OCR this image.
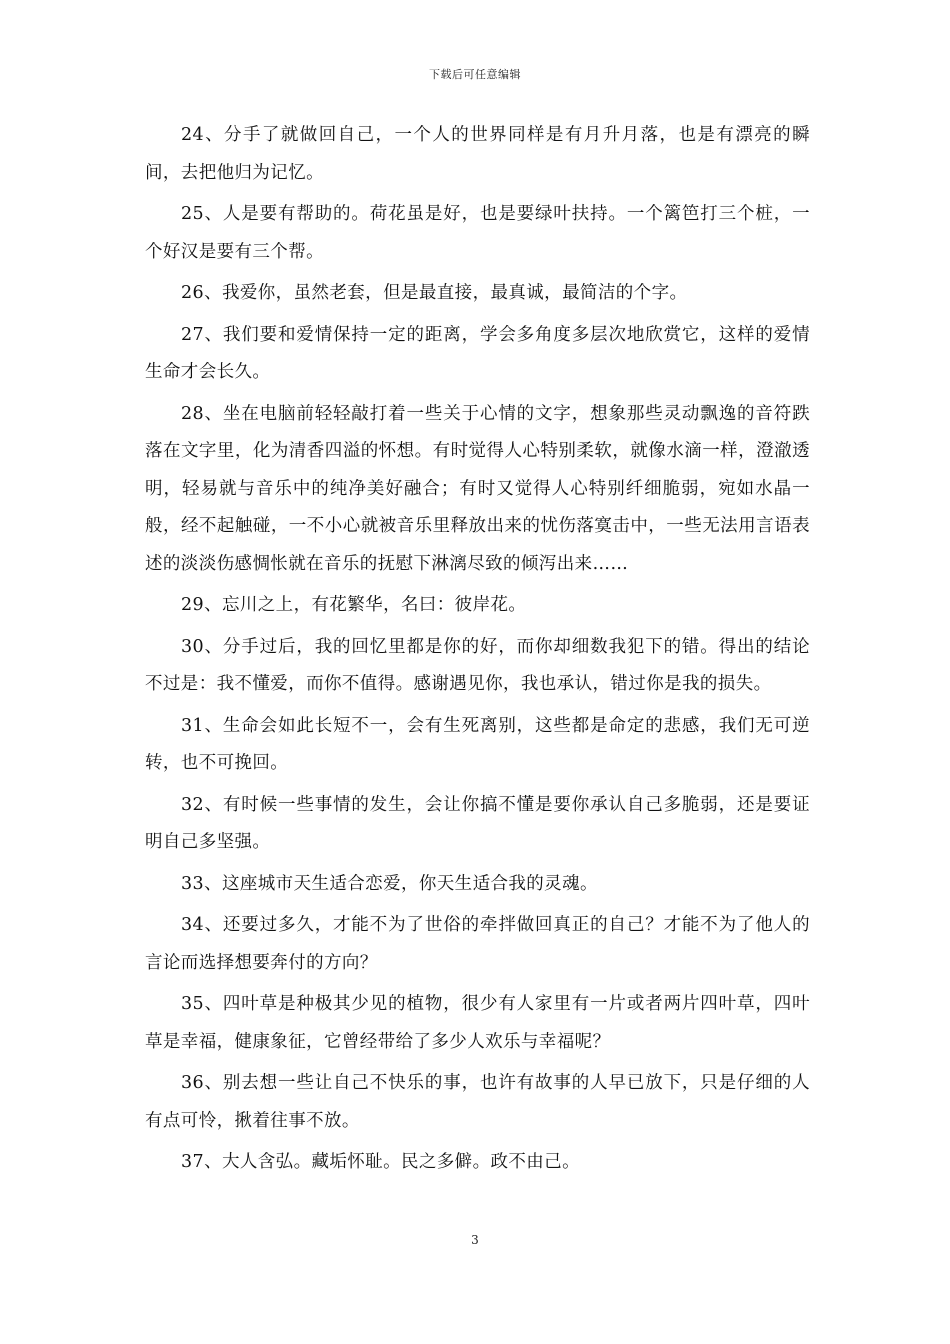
下载后可任意编辑

24、分手了就做回自己，一个人的世界同样是有月升月落，也是有漂亮的瞬间，去把他归为记忆。

25、人是要有帮助的。荷花虽是好，也是要绿叶扶持。一个篱笆打三个桩，一个好汉是要有三个帮。

26、我爱你，虽然老套，但是最直接，最真诚，最简洁的个字。

27、我们要和爱情保持一定的距离，学会多角度多层次地欣赏它，这样的爱情生命才会长久。

28、坐在电脑前轻轻敲打着一些关于心情的文字，想象那些灵动飘逸的音符跌落在文字里，化为清香四溢的怀想。有时觉得人心特别柔软，就像水滴一样，澄澈透明，轻易就与音乐中的纯净美好融合；有时又觉得人心特别纤细脆弱，宛如水晶一般，经不起触碰，一不小心就被音乐里释放出来的忧伤落寞击中，一些无法用言语表述的淡淡伤感惆怅就在音乐的抚慰下淋漓尽致的倾泻出来……

29、忘川之上，有花繁华，名曰：彼岸花。

30、分手过后，我的回忆里都是你的好，而你却细数我犯下的错。得出的结论不过是：我不懂爱，而你不值得。感谢遇见你，我也承认，错过你是我的损失。

31、生命会如此长短不一，会有生死离别，这些都是命定的悲感，我们无可逆转，也不可挽回。

32、有时候一些事情的发生，会让你搞不懂是要你承认自己多脆弱，还是要证明自己多坚强。

33、这座城市天生适合恋爱，你天生适合我的灵魂。

34、还要过多久，才能不为了世俗的牵拌做回真正的自己？才能不为了他人的言论而选择想要奔付的方向？

35、四叶草是种极其少见的植物，很少有人家里有一片或者两片四叶草，四叶草是幸福，健康象征，它曾经带给了多少人欢乐与幸福呢？

36、别去想一些让自己不快乐的事，也许有故事的人早已放下，只是仔细的人有点可怜，揪着往事不放。

37、大人含弘。藏垢怀耻。民之多僻。政不由己。

3
